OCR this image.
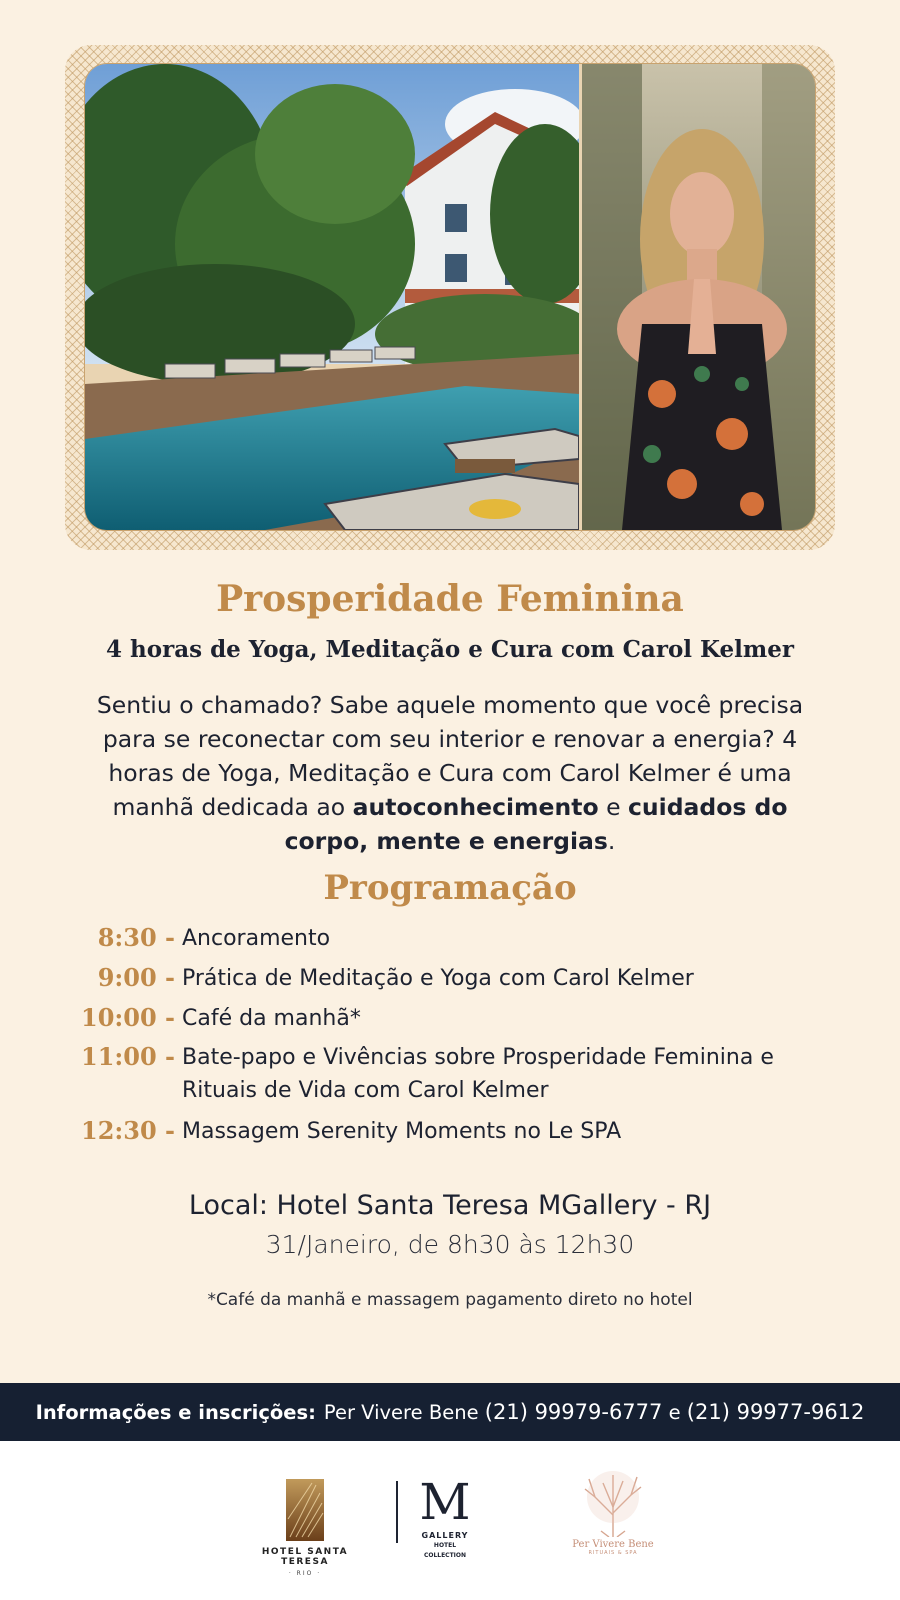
Prosperidade Feminina
4 horas de Yoga, Meditação e Cura com Carol Kelmer

Sentiu o chamado? Sabe aquele momento que você precisa para se reconectar com seu interior e renovar a energia? 4 horas de Yoga, Meditação e Cura com Carol Kelmer é uma manhã dedicada ao autoconhecimento e cuidados do corpo, mente e energias.

Programação
8:30 - Ancoramento
9:00 - Prática de Meditação e Yoga com Carol Kelmer
10:00 - Café da manhã*
11:00 - Bate-papo e Vivências sobre Prosperidade Feminina e Rituais de Vida com Carol Kelmer
12:30 - Massagem Serenity Moments no Le SPA

Local: Hotel Santa Teresa MGallery - RJ

31/Janeiro, de 8h30 às 12h30

*Café da manhã e massagem pagamento direto no hotel

Informações e inscrições: Per Vivere Bene
(21) 99979-6777
e
(21) 99977-9612
HOTEL SANTA TERESA
· RIO ·
M
GALLERY
HOTEL
COLLECTION
Per Vivere Bene
RITUAIS & SPA
